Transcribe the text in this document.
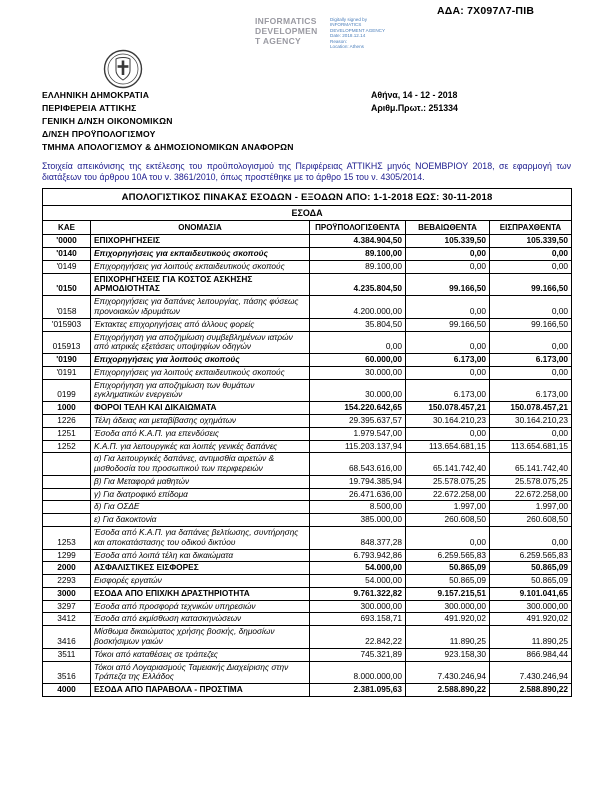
ΑΔΑ: 7Χ097Λ7-ΠΙΒ
INFORMATICS
DEVELOPMEN
T AGENCY
Digitally signed by
INFORMATICS
DEVELOPMENT AGENCY
Date: 2018.12.14
Reason:
Location: Athens
ΕΛΛΗΝΙΚΗ ΔΗΜΟΚΡΑΤΙΑ
ΠΕΡΙΦΕΡΕΙΑ ΑΤΤΙΚΗΣ
ΓΕΝΙΚΗ Δ/ΝΣΗ ΟΙΚΟΝΟΜΙΚΩΝ
Δ/ΝΣΗ ΠΡΟΫΠΟΛΟΓΙΣΜΟΥ
ΤΜΗΜΑ ΑΠΟΛΟΓΙΣΜΟΥ & ΔΗΜΟΣΙΟΝΟΜΙΚΩΝ ΑΝΑΦΟΡΩΝ
Αθήνα, 14 - 12 - 2018
Αριθμ.Πρωτ.: 251334

Στοιχεία απεικόνισης της εκτέλεσης του προϋπολογισμού της Περιφέρειας ΑΤΤΙΚΗΣ μηνός ΝΟΕΜΒΡΙΟΥ 2018, σε εφαρμογή των διατάξεων του άρθρου 10Α του ν. 3861/2010, όπως προστέθηκε με το άρθρο 15 του ν. 4305/2014.

ΑΠΟΛΟΓΙΣΤΙΚΟΣ ΠΙΝΑΚΑΣ ΕΣΟΔΩΝ - ΕΞΟΔΩΝ ΑΠΟ: 1-1-2018 ΕΩΣ: 30-11-2018				
ΕΣΟΔΑ				
ΚΑΕ	ΟΝΟΜΑΣΙΑ	ΠΡΟΫΠΟΛΟΓΙΣΘΕΝΤΑ	ΒΕΒΑΙΩΘΕΝΤΑ	ΕΙΣΠΡΑΧΘΕΝΤΑ
'0000	ΕΠΙΧΟΡΗΓΗΣΕΙΣ	4.384.904,50	105.339,50	105.339,50
'0140	Επιχορηγήσεις για εκπαιδευτικούς σκοπούς	89.100,00	0,00	0,00
'0149	Επιχορηγήσεις για λοιπούς εκπαιδευτικούς σκοπούς	89.100,00	0,00	0,00
'0150	ΕΠΙΧΟΡΗΓΗΣΕΙΣ ΓΙΑ ΚΟΣΤΟΣ ΑΣΚΗΣΗΣ ΑΡΜΟΔΙΟΤΗΤΑΣ	4.235.804,50	99.166,50	99.166,50
'0158	Επιχορηγήσεις για δαπάνες λειτουργίας, πάσης φύσεως προνοιακών ιδρυμάτων	4.200.000,00	0,00	0,00
'015903	Έκτακτες επιχορηγήσεις από άλλους φορείς	35.804,50	99.166,50	99.166,50
015913	Επιχορήγηση για αποζημίωση συμβεβλημένων ιατρών από ιατρικές εξετάσεις υποψηφίων οδηγών	0,00	0,00	0,00
'0190	Επιχορηγήσεις για λοιπούς σκοπούς	60.000,00	6.173,00	6.173,00
'0191	Επιχορηγήσεις για λοιπούς εκπαιδευτικούς σκοπούς	30.000,00	0,00	0,00
0199	Επιχορήγηση για αποζημίωση των θυμάτων εγκληματικών ενεργειών	30.000,00	6.173,00	6.173,00
1000	ΦΟΡΟΙ ΤΕΛΗ ΚΑΙ ΔΙΚΑΙΩΜΑΤΑ	154.220.642,65	150.078.457,21	150.078.457,21
1226	Τέλη άδειας και μεταβίβασης οχημάτων	29.395.637,57	30.164.210,23	30.164.210,23
1251	Έσοδα από Κ.Α.Π. για επενδύσεις	1.979.547,00	0,00	0,00
1252	Κ.Α.Π. για λειτουργικές και λοιπές γενικές δαπάνες	115.203.137,94	113.654.681,15	113.654.681,15
	α) Για λειτουργικές δαπάνες, αντιμισθία αιρετών & μισθοδοσία του προσωπικού των περιφερειών	68.543.616,00	65.141.742,40	65.141.742,40
	β) Για Μεταφορά μαθητών	19.794.385,94	25.578.075,25	25.578.075,25
	γ) Για διατροφικό επίδομα	26.471.636,00	22.672.258,00	22.672.258,00
	δ) Για ΟΣΔΕ	8.500,00	1.997,00	1.997,00
	ε) Για δακοκτονία	385.000,00	260.608,50	260.608,50
1253	Έσοδα από Κ.Α.Π. για δαπάνες βελτίωσης, συντήρησης και αποκατάστασης του οδικού δικτύου	848.377,28	0,00	0,00
1299	Έσοδα από λοιπά τέλη και δικαιώματα	6.793.942,86	6.259.565,83	6.259.565,83
2000	ΑΣΦΑΛΙΣΤΙΚΕΣ ΕΙΣΦΟΡΕΣ	54.000,00	50.865,09	50.865,09
2293	Εισφορές εργατών	54.000,00	50.865,09	50.865,09
3000	ΕΣΟΔΑ ΑΠΟ ΕΠΙΧ/ΚΗ ΔΡΑΣΤΗΡΙΟΤΗΤΑ	9.761.322,82	9.157.215,51	9.101.041,65
3297	Έσοδα από προσφορά τεχνικών υπηρεσιών	300.000,00	300.000,00	300.000,00
3412	Έσοδα από εκμίσθωση κατασκηνώσεων	693.158,71	491.920,02	491.920,02
3416	Μίσθωμα δικαιώματος χρήσης βοσκής, δημοσίων βοσκήσιμων γαιών	22.842,22	11.890,25	11.890,25
3511	Τόκοι από καταθέσεις σε τράπεζες	745.321,89	923.158,30	866.984,44
3516	Τόκοι από Λογαριασμούς Ταμειακής Διαχείρισης στην Τράπεζα της Ελλάδος	8.000.000,00	7.430.246,94	7.430.246,94
4000	ΕΣΟΔΑ ΑΠΟ ΠΑΡΑΒΟΛΑ - ΠΡΟΣΤΙΜΑ	2.381.095,63	2.588.890,22	2.588.890,22
